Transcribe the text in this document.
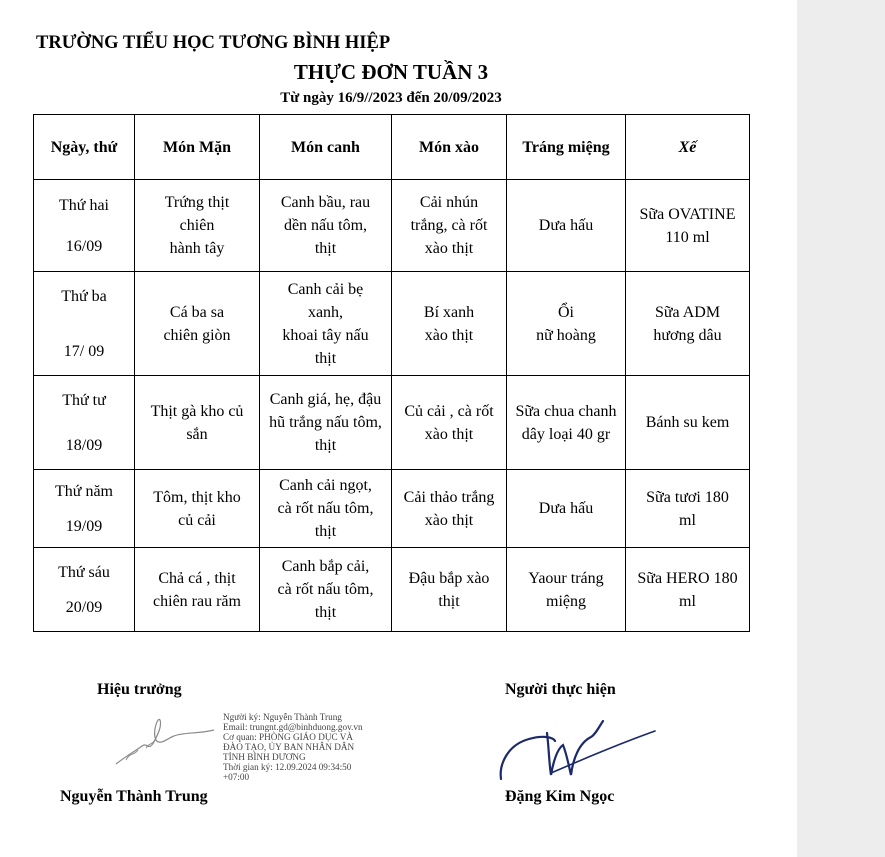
TRƯỜNG TIỂU HỌC TƯƠNG BÌNH HIỆP
THỰC ĐƠN TUẦN 3
Từ ngày 16/9//2023 đến 20/09/2023
Ngày, thứ	Món Mặn	Món canh	Món xào	Tráng miệng	Xế

Thứ hai
16/09	Trứng thịt
chiên
hành tây	Canh bầu, rau
dền nấu tôm,
thịt	Cải nhún
trắng, cà rốt
xào thịt	Dưa hấu	Sữa OVATINE
110 ml

Thứ ba
17/ 09	Cá ba sa
chiên giòn	Canh cải bẹ
xanh,
khoai tây nấu
thịt	Bí xanh
xào thịt	Ổi
nữ hoàng	Sữa ADM
hương dâu

Thứ tư
18/09	Thịt gà kho củ
sắn	Canh giá, hẹ, đậu
hũ trắng nấu tôm,
thịt	Củ cải , cà rốt
xào thịt	Sữa chua chanh
dây loại 40 gr	Bánh su kem

Thứ năm
19/09	Tôm, thịt kho
củ cải	Canh cải ngọt,
cà rốt nấu tôm,
thịt	Cải thảo trắng
xào thịt	Dưa hấu	Sữa tươi 180
ml

Thứ sáu
20/09	Chả cá , thịt
chiên rau răm	Canh bắp cải,
cà rốt nấu tôm,
thịt	Đậu bắp xào
thịt	Yaour tráng
miệng	Sữa HERO 180
ml
Hiệu trưởng
Người ký: Nguyễn Thành Trung
Email: trungnt.gd@binhduong.gov.vn
Cơ quan: PHÒNG GIÁO DỤC VÀ
ĐÀO TẠO, ỦY BAN NHÂN DÂN
TỈNH BÌNH DƯƠNG
Thời gian ký: 12.09.2024 09:34:50
+07:00
Nguyễn Thành Trung
Người thực hiện
Đặng Kim Ngọc
